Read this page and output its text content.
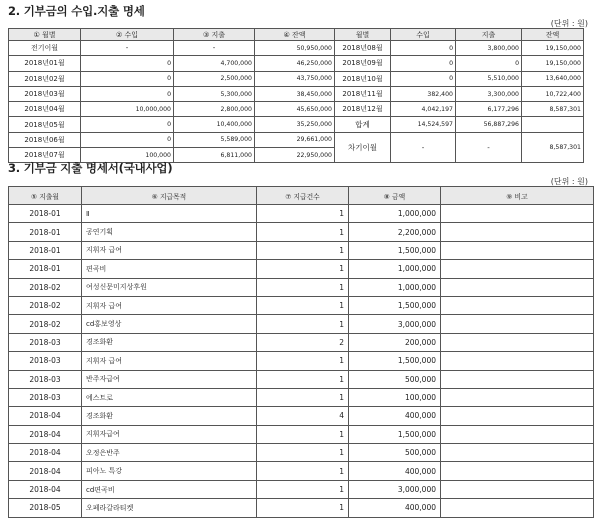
2. 기부금의 수입.지출 명세
(단위 : 원)
① 월별	② 수입	③ 지출	④ 잔액	월별	수입	지출	잔액
전기이월	-	-	50,950,000	2018년08월	0	3,800,000	19,150,000
2018년01월	0	4,700,000	46,250,000	2018년09월	0	0	19,150,000
2018년02월	0	2,500,000	43,750,000	2018년10월	0	5,510,000	13,640,000
2018년03월	0	5,300,000	38,450,000	2018년11월	382,400	3,300,000	10,722,400
2018년04월	10,000,000	2,800,000	45,650,000	2018년12월	4,042,197	6,177,296	8,587,301
2018년05월	0	10,400,000	35,250,000	합계	14,524,597	56,887,296	
2018년06월	0	5,589,000	29,661,000	차기이월	-	-	8,587,301
2018년07월	100,000	6,811,000	22,950,000				
3. 기부금 지출 명세서(국내사업)
(단위 : 원)
⑤ 지출월	⑥ 지급목적	⑦ 지급건수	⑧ 금액	⑨ 비고
2018-01	Ⅱ	1	1,000,000	
2018-01	공연기획	1	2,200,000	
2018-01	지휘자 급여	1	1,500,000	
2018-01	편곡비	1	1,000,000	
2018-02	여성신문미지상후원	1	1,000,000	
2018-02	지휘자 급여	1	1,500,000	
2018-02	cd홍보영상	1	3,000,000	
2018-03	경조화환	2	200,000	
2018-03	지휘자 급여	1	1,500,000	
2018-03	반주자급여	1	500,000	
2018-03	에스트로	1	100,000	
2018-04	경조화환	4	400,000	
2018-04	지휘자급여	1	1,500,000	
2018-04	오정은반주	1	500,000	
2018-04	피아노 특강	1	400,000	
2018-04	cd편곡비	1	3,000,000	
2018-05	오페라갈라티켓	1	400,000	
